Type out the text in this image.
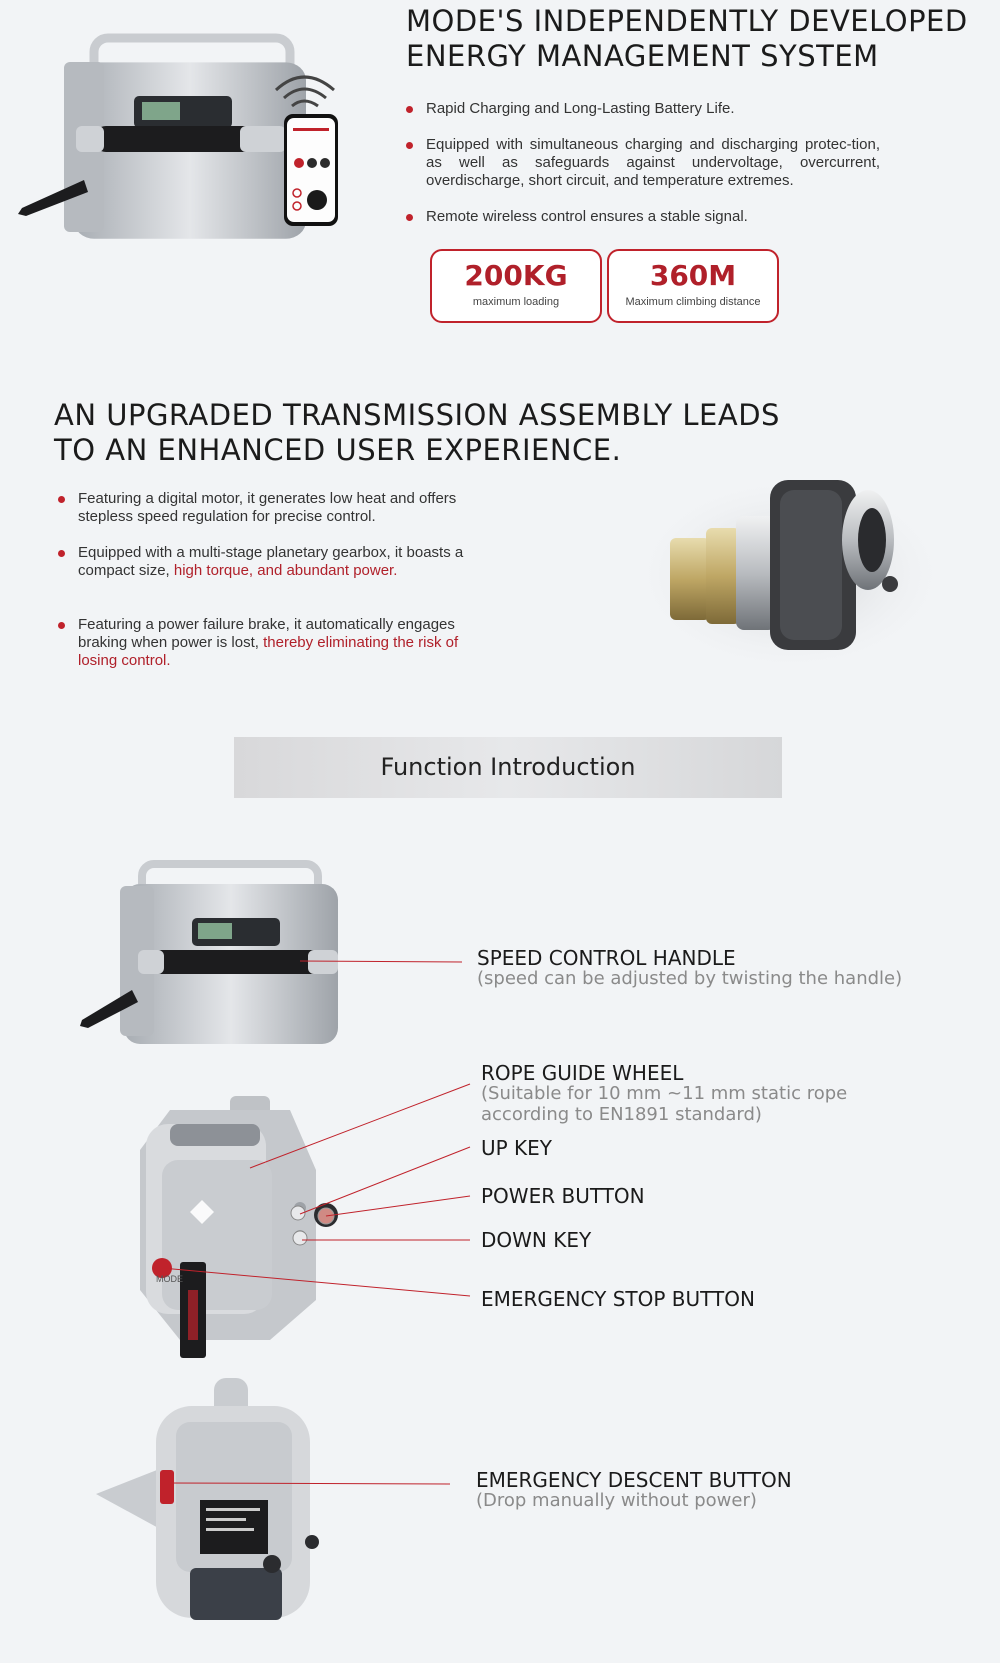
MODE'S INDEPENDENTLY DEVELOPED

ENERGY MANAGEMENT SYSTEM

Rapid Charging and Long-Lasting Battery Life.
Equipped with simultaneous charging and discharging protec-tion, as well as safeguards against undervoltage, overcurrent, overdischarge, short circuit, and temperature extremes.
Remote wireless control ensures a stable signal.
200KG
maximum loading
360M
Maximum climbing distance

AN UPGRADED TRANSMISSION ASSEMBLY LEADS

TO AN ENHANCED USER EXPERIENCE.

Featuring a digital motor, it generates low heat and offers stepless speed regulation for precise control.
Equipped with a multi-stage planetary gearbox, it boasts a compact size, high torque, and abundant power.
Featuring a power failure brake, it automatically engages braking when power is lost, thereby eliminating the risk of losing control.
Function Introduction
SPEED CONTROL HANDLE
(speed can be adjusted by twisting the handle)
MODE
ROPE GUIDE WHEEL
(Suitable for 10 mm ~11 mm static rope
according to EN1891 standard)
UP KEY
POWER BUTTON
DOWN KEY
EMERGENCY STOP BUTTON
EMERGENCY DESCENT BUTTON
(Drop manually without power)
